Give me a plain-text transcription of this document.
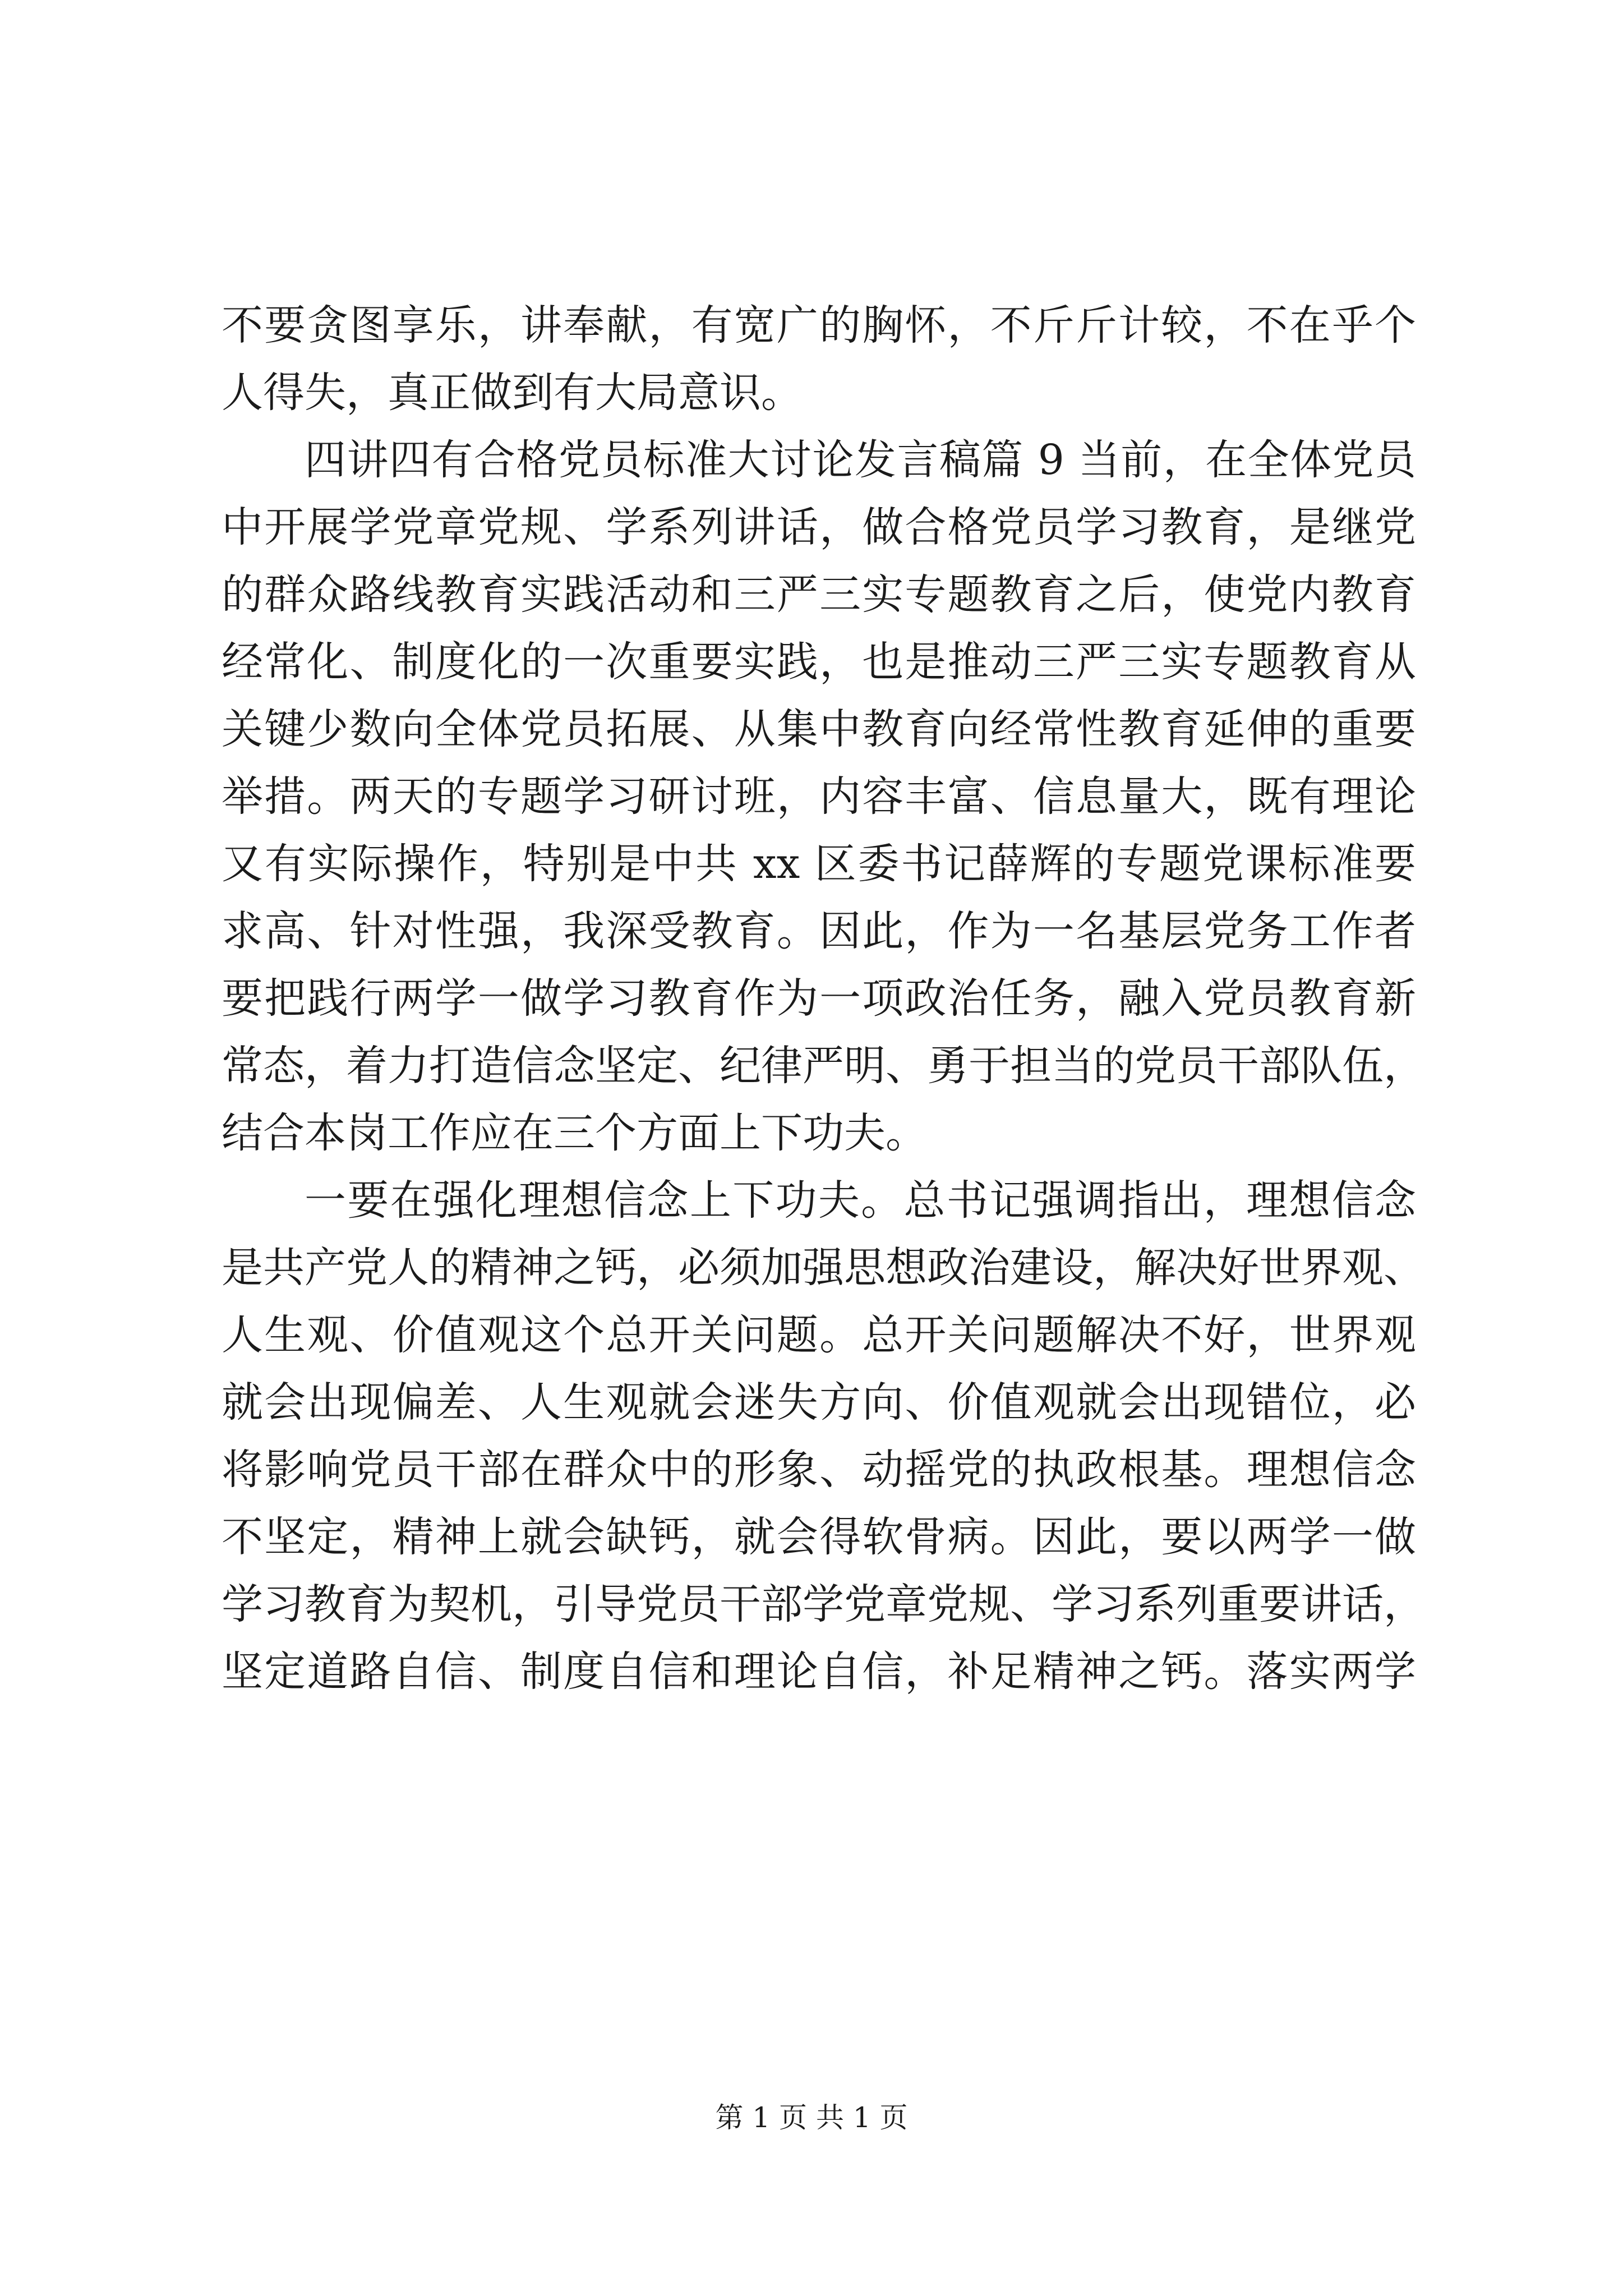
不要贪图享乐，讲奉献，有宽广的胸怀，不斤斤计较，不在乎个
人得失，真正做到有大局意识。
四讲四有合格党员标准大讨论发言稿篇 9 当前，在全体党员
中开展学党章党规、学系列讲话，做合格党员学习教育，是继党
的群众路线教育实践活动和三严三实专题教育之后，使党内教育
经常化、制度化的一次重要实践，也是推动三严三实专题教育从
关键少数向全体党员拓展、从集中教育向经常性教育延伸的重要
举措。两天的专题学习研讨班，内容丰富、信息量大，既有理论
又有实际操作，特别是中共 xx 区委书记薛辉的专题党课标准要
求高、针对性强，我深受教育。因此，作为一名基层党务工作者
要把践行两学一做学习教育作为一项政治任务，融入党员教育新
常态，着力打造信念坚定、纪律严明、勇于担当的党员干部队伍，
结合本岗工作应在三个方面上下功夫。
一要在强化理想信念上下功夫。总书记强调指出，理想信念
是共产党人的精神之钙，必须加强思想政治建设，解决好世界观、
人生观、价值观这个总开关问题。总开关问题解决不好，世界观
就会出现偏差、人生观就会迷失方向、价值观就会出现错位，必
将影响党员干部在群众中的形象、动摇党的执政根基。理想信念
不坚定，精神上就会缺钙，就会得软骨病。因此，要以两学一做
学习教育为契机，引导党员干部学党章党规、学习系列重要讲话，
坚定道路自信、制度自信和理论自信，补足精神之钙。落实两学
第 1 页 共 1 页
